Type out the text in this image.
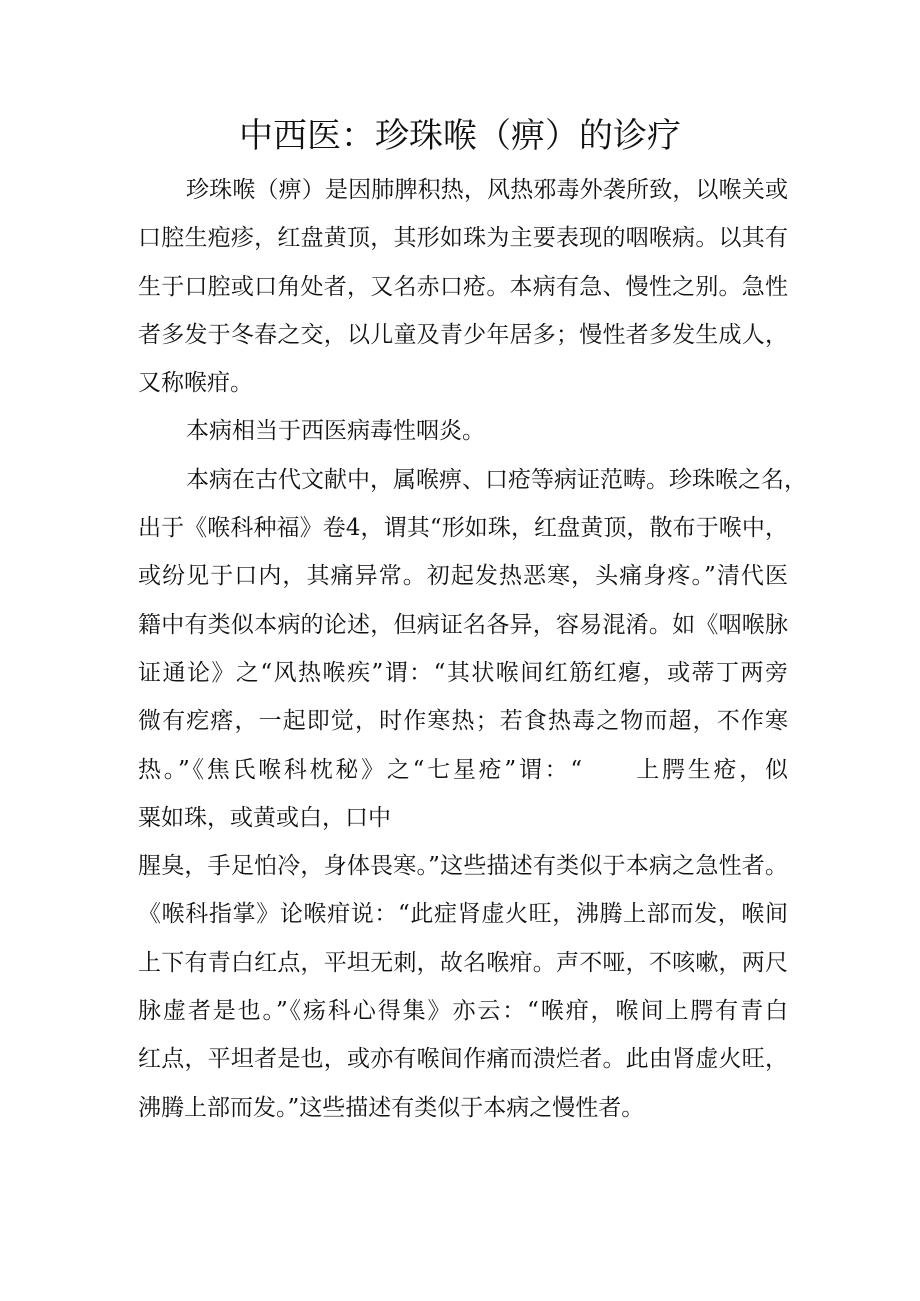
中西医：珍珠喉（痹）的诊疗
珍珠喉（痹）是因肺脾积热，风热邪毒外袭所致，以喉关或
口腔生疱疹，红盘黄顶，其形如珠为主要表现的咽喉病。以其有
生于口腔或口角处者，又名赤口疮。本病有急、慢性之别。急性
者多发于冬春之交，以儿童及青少年居多；慢性者多发生成人，
又称喉疳。
本病相当于西医病毒性咽炎。
本病在古代文献中，属喉痹、口疮等病证范畴。珍珠喉之名，
出于《喉科种福》卷4，谓其“形如珠，红盘黄顶，散布于喉中，
或纷见于口内，其痛异常。初起发热恶寒，头痛身疼。”清代医
籍中有类似本病的论述，但病证名各异，容易混淆。如《咽喉脉
证通论》之“风热喉疾”谓：“其状喉间红筋红瘪，或蒂丁两旁
微有疙瘩，一起即觉，时作寒热；若食热毒之物而超，不作寒
热。”《焦氏喉科枕秘》之“七星疮”谓：“　　上腭生疮，似
粟如珠，或黄或白，口中
腥臭，手足怕冷，身体畏寒。”这些描述有类似于本病之急性者。
《喉科指掌》论喉疳说：“此症肾虚火旺，沸腾上部而发，喉间
上下有青白红点，平坦无刺，故名喉疳。声不哑，不咳嗽，两尺
脉虚者是也。”《疡科心得集》亦云：“喉疳，喉间上腭有青白
红点，平坦者是也，或亦有喉间作痛而溃烂者。此由肾虚火旺，
沸腾上部而发。”这些描述有类似于本病之慢性者。
